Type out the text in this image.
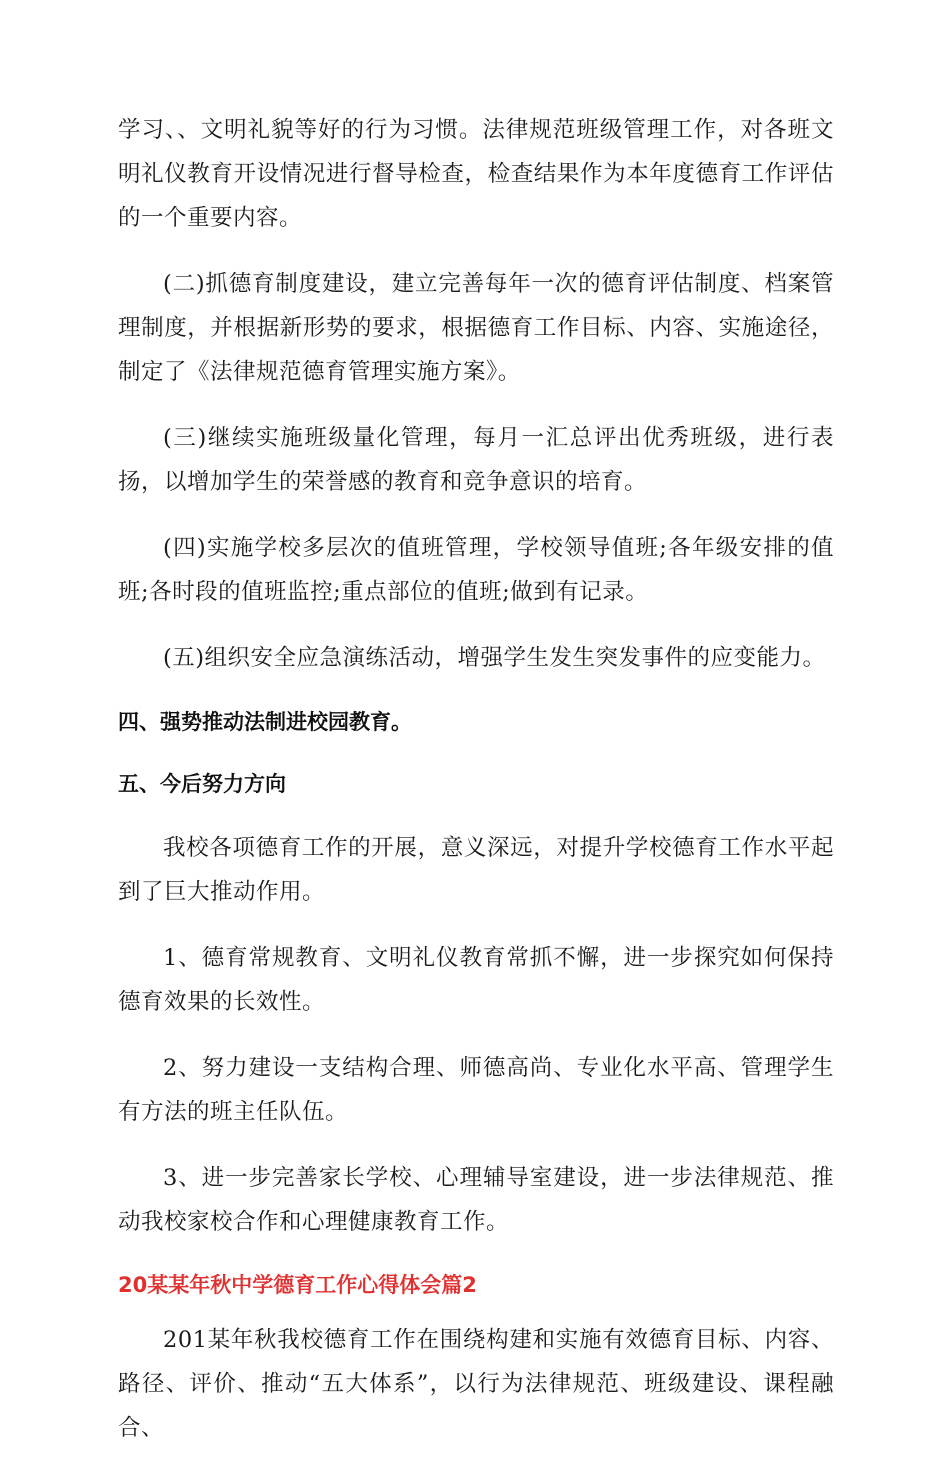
学习、、文明礼貌等好的行为习惯。法律规范班级管理工作，对各班文明礼仪教育开设情况进行督导检查，检查结果作为本年度德育工作评估的一个重要内容。

(二)抓德育制度建设，建立完善每年一次的德育评估制度、档案管理制度，并根据新形势的要求，根据德育工作目标、内容、实施途径，制定了《法律规范德育管理实施方案》。

(三)继续实施班级量化管理，每月一汇总评出优秀班级，进行表扬，以增加学生的荣誉感的教育和竞争意识的培育。

(四)实施学校多层次的值班管理，学校领导值班;各年级安排的值班;各时段的值班监控;重点部位的值班;做到有记录。

(五)组织安全应急演练活动，增强学生发生突发事件的应变能力。

四、强势推动法制进校园教育。
五、今后努力方向

我校各项德育工作的开展，意义深远，对提升学校德育工作水平起到了巨大推动作用。

1、德育常规教育、文明礼仪教育常抓不懈，进一步探究如何保持德育效果的长效性。

2、努力建设一支结构合理、师德高尚、专业化水平高、管理学生有方法的班主任队伍。

3、进一步完善家长学校、心理辅导室建设，进一步法律规范、推动我校家校合作和心理健康教育工作。

20某某年秋中学德育工作心得体会篇2

201某年秋我校德育工作在围绕构建和实施有效德育目标、内容、路径、评价、推动“五大体系”，以行为法律规范、班级建设、课程融合、
